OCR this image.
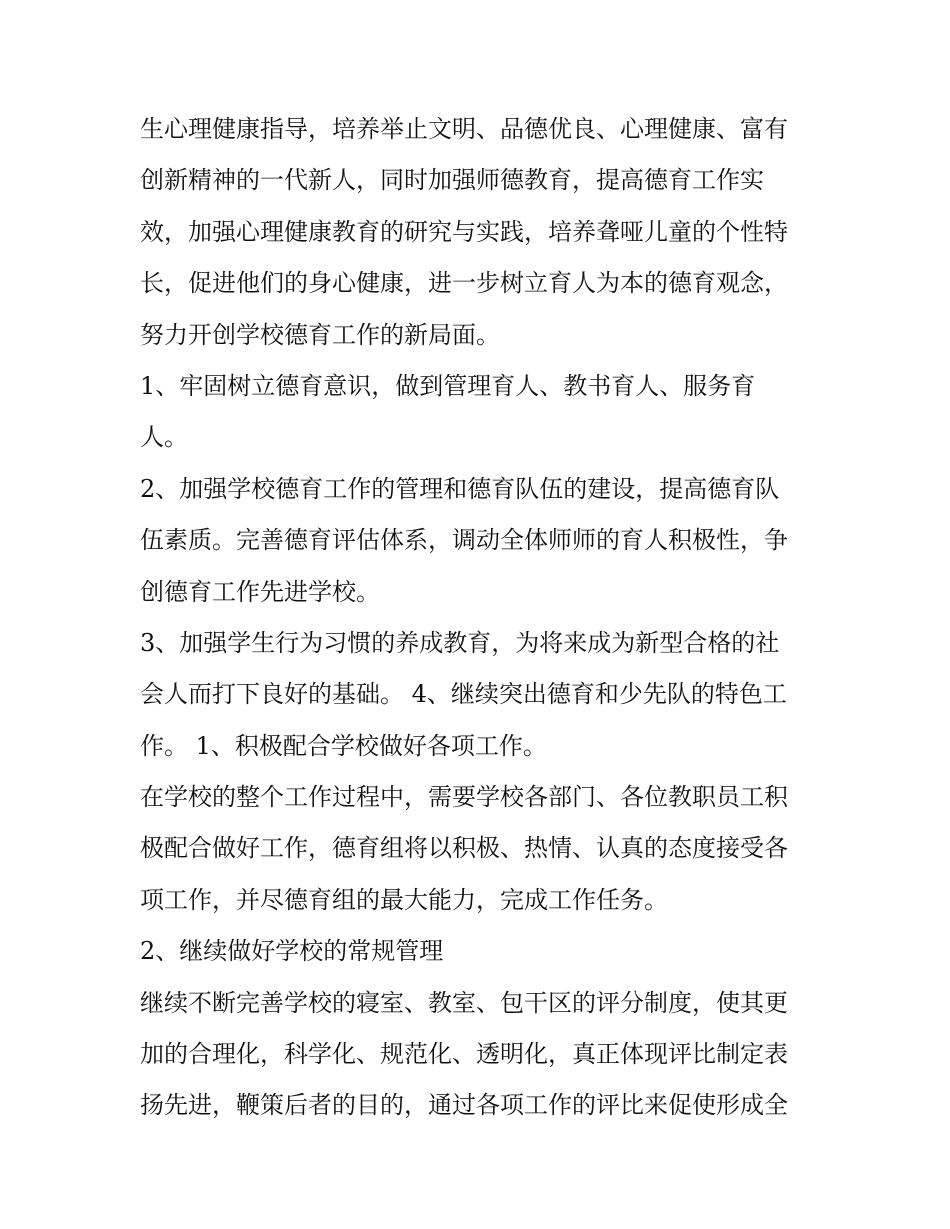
生心理健康指导，培养举止文明、品德优良、心理健康、富有
创新精神的一代新人，同时加强师德教育，提高德育工作实
效，加强心理健康教育的研究与实践，培养聋哑儿童的个性特
长，促进他们的身心健康，进一步树立育人为本的德育观念，
努力开创学校德育工作的新局面。
1、牢固树立德育意识，做到管理育人、教书育人、服务育
人。
2、加强学校德育工作的管理和德育队伍的建设，提高德育队
伍素质。完善德育评估体系，调动全体师师的育人积极性，争
创德育工作先进学校。
3、加强学生行为习惯的养成教育，为将来成为新型合格的社
会人而打下良好的基础。 4、继续突出德育和少先队的特色工
作。 1、积极配合学校做好各项工作。
在学校的整个工作过程中，需要学校各部门、各位教职员工积
极配合做好工作，德育组将以积极、热情、认真的态度接受各
项工作，并尽德育组的最大能力，完成工作任务。
2、继续做好学校的常规管理
继续不断完善学校的寝室、教室、包干区的评分制度，使其更
加的合理化，科学化、规范化、透明化，真正体现评比制定表
扬先进，鞭策后者的目的，通过各项工作的评比来促使形成全
